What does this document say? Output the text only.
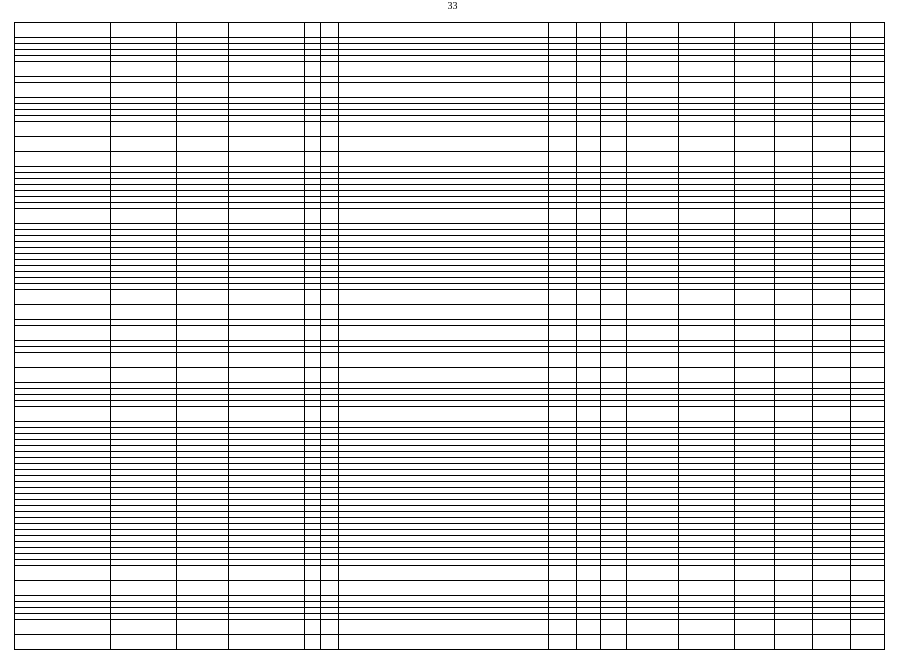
33
